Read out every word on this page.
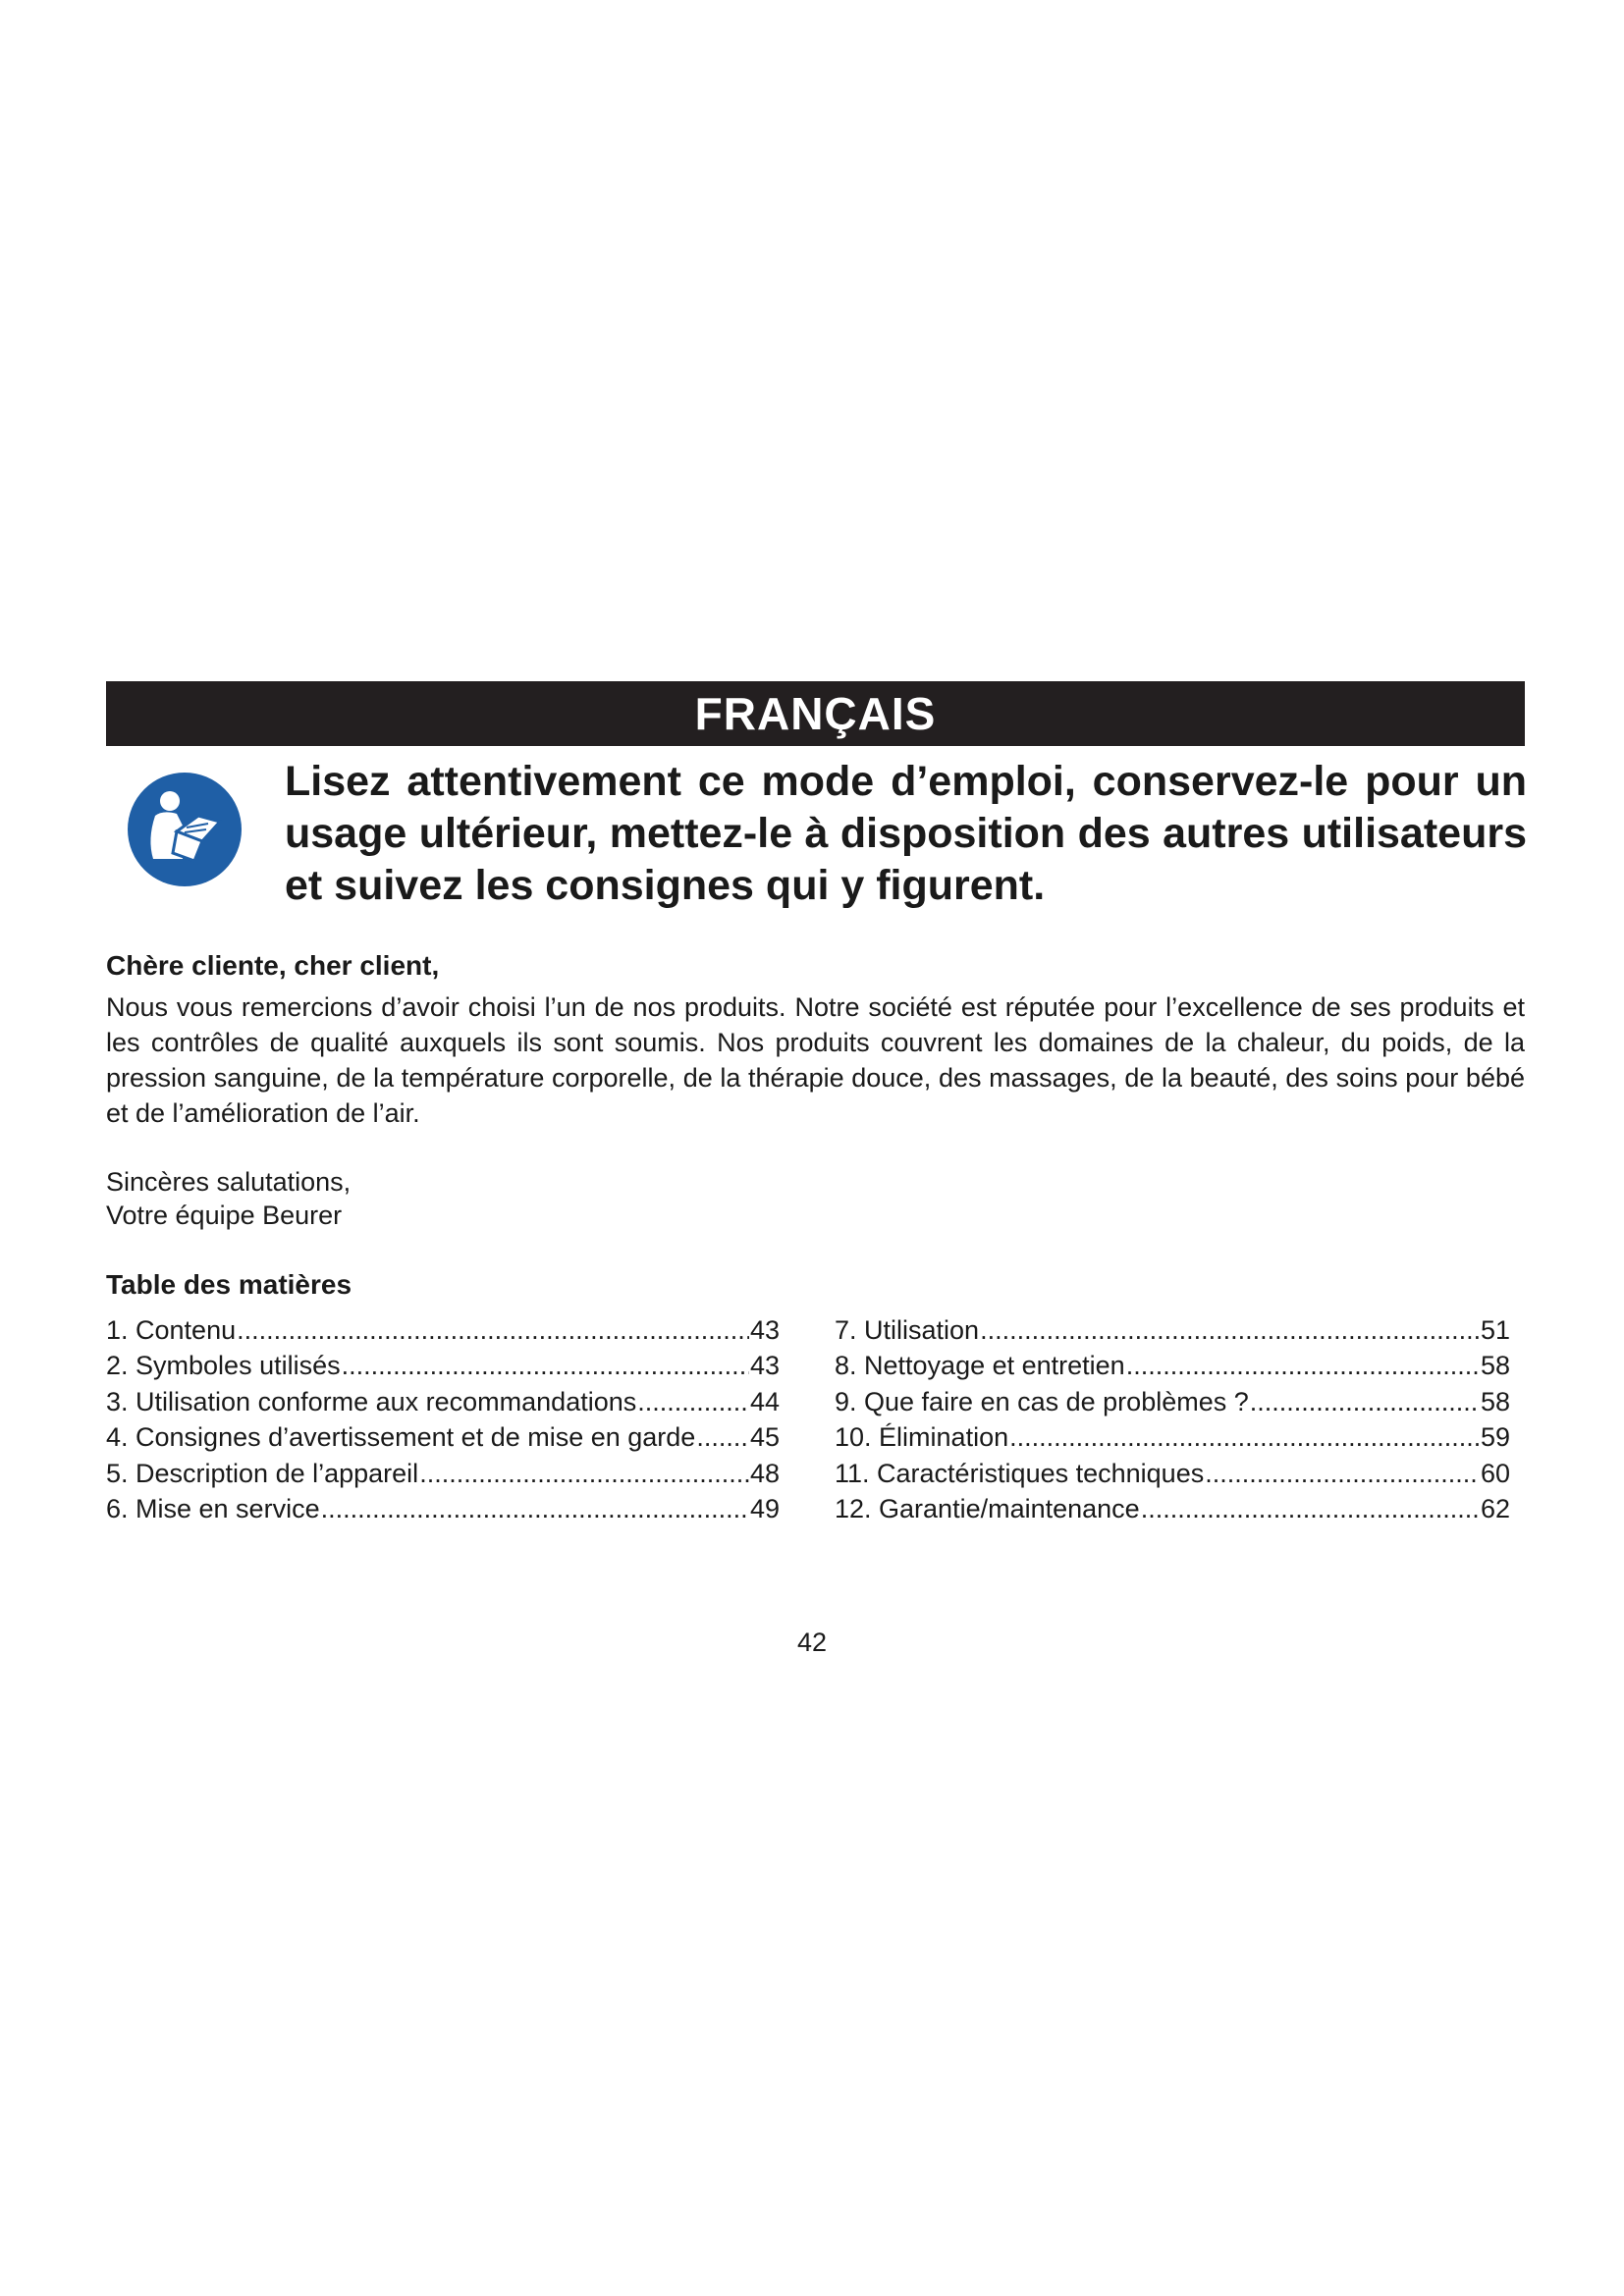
FRANÇAIS
Lisez attentivement ce mode d’emploi, conservez-le pour un usage ultérieur, mettez-le à disposition des autres utilisateurs et suivez les consignes qui y figurent.
Chère cliente, cher client,
Nous vous remercions d’avoir choisi l’un de nos produits. Notre société est réputée pour l’excellence de ses produits et les contrôles de qualité auxquels ils sont soumis. Nos produits couvrent les domaines de la chaleur, du poids, de la pression sanguine, de la température corporelle, de la thérapie douce, des massages, de la beauté, des soins pour bébé et de l’amélioration de l’air.
Sincères salutations,
Votre équipe Beurer
Table des matières
1. Contenu .....	43
2. Symboles utilisés .....	43
3. Utilisation conforme aux recommandations .....	44
4. Consignes d’avertissement et de mise en garde ..... 45
5. Description de l’appareil .....	48
6. Mise en service .....	49
7. Utilisation .....	51
8. Nettoyage et entretien .....	58
9. Que faire en cas de problèmes ? .....	58
10. Élimination .....	59
11. Caractéristiques techniques .....	60
12. Garantie/maintenance .....	62
42
